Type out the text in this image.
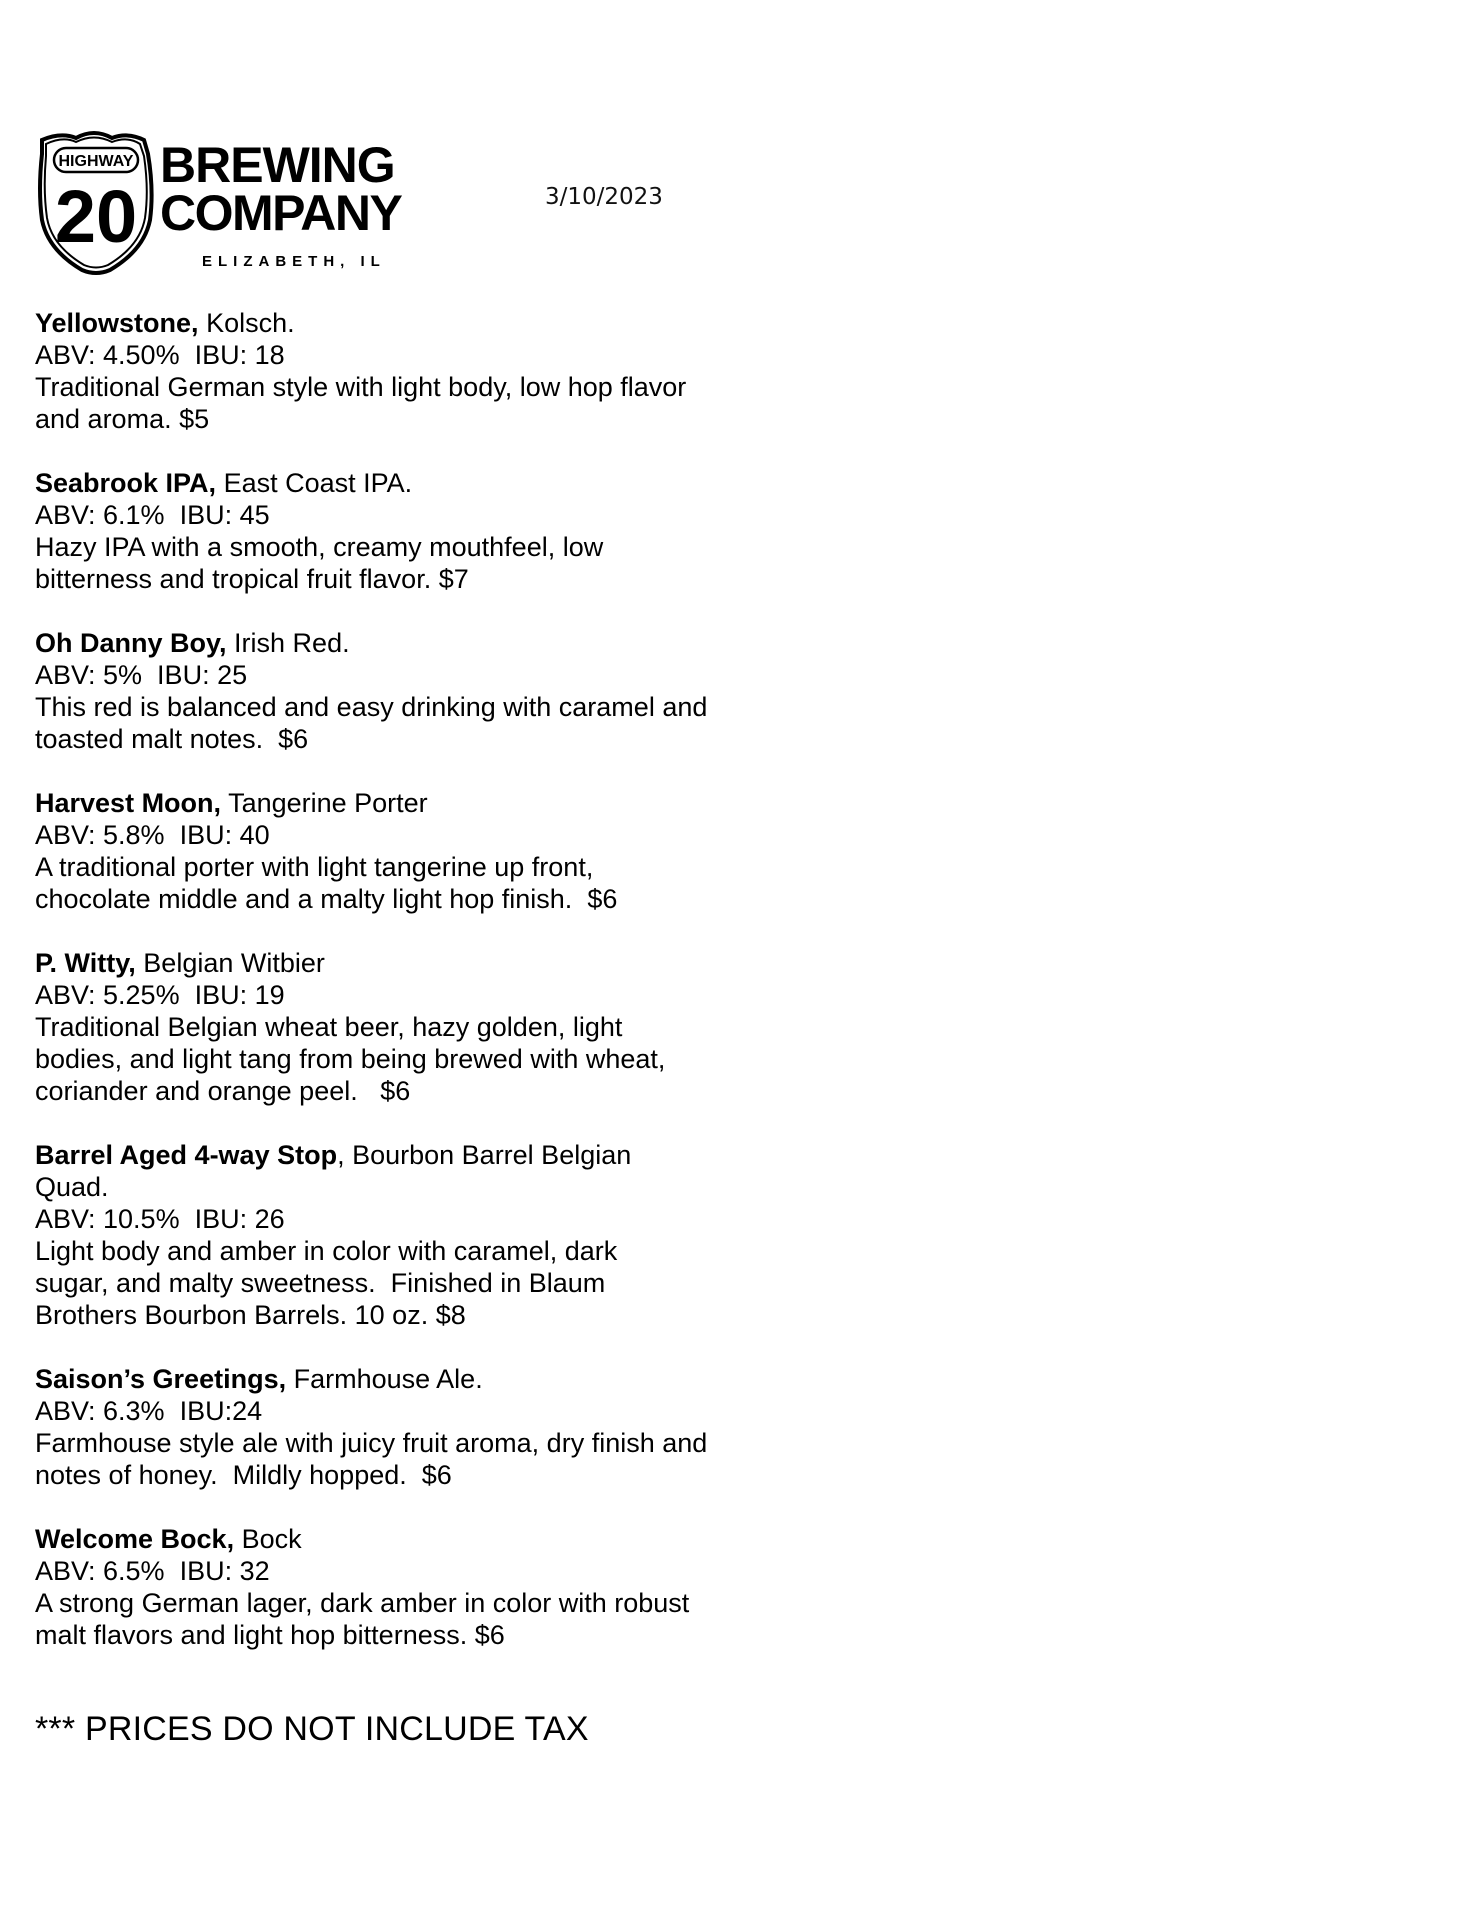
HIGHWAY
20
BREWING
COMPANY
ELIZABETH, IL
3/10/2023

Yellowstone, Kolsch.

ABV: 4.50%  IBU: 18

Traditional German style with light body, low hop flavor

and aroma. $5

Seabrook IPA, East Coast IPA.

ABV: 6.1%  IBU: 45

Hazy IPA with a smooth, creamy mouthfeel, low

bitterness and tropical fruit flavor. $7

Oh Danny Boy, Irish Red.

ABV: 5%  IBU: 25

This red is balanced and easy drinking with caramel and

toasted malt notes.  $6

Harvest Moon, Tangerine Porter

ABV: 5.8%  IBU: 40

A traditional porter with light tangerine up front,

chocolate middle and a malty light hop finish.  $6

P. Witty, Belgian Witbier

ABV: 5.25%  IBU: 19

Traditional Belgian wheat beer, hazy golden, light

bodies, and light tang from being brewed with wheat,

coriander and orange peel.   $6

Barrel Aged 4-way Stop, Bourbon Barrel Belgian

Quad.

ABV: 10.5%  IBU: 26

Light body and amber in color with caramel, dark

sugar, and malty sweetness.  Finished in Blaum

Brothers Bourbon Barrels. 10 oz. $8

Saison’s Greetings, Farmhouse Ale.

ABV: 6.3%  IBU:24

Farmhouse style ale with juicy fruit aroma, dry finish and

notes of honey.  Mildly hopped.  $6

Welcome Bock, Bock

ABV: 6.5%  IBU: 32

A strong German lager, dark amber in color with robust

malt flavors and light hop bitterness. $6

*** PRICES DO NOT INCLUDE TAX
